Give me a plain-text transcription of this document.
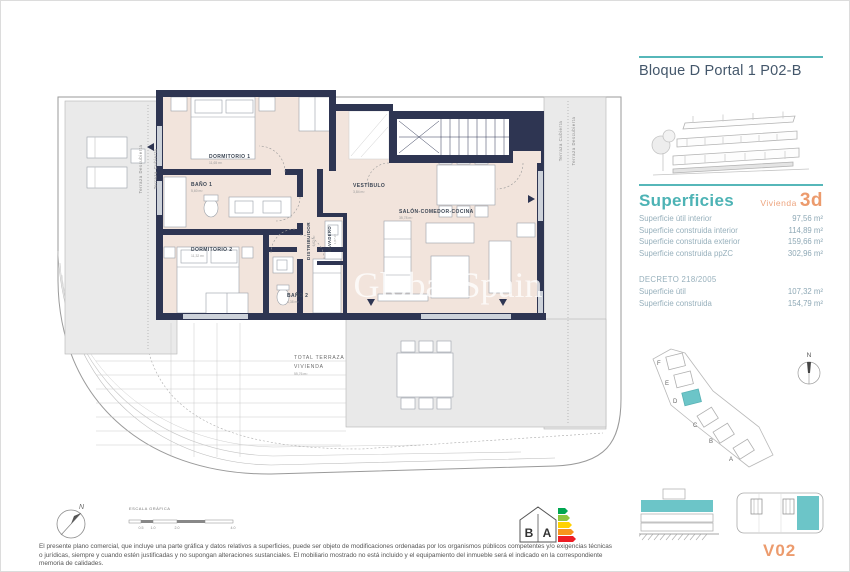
DORMITORIO 1
11,65 m²
BAÑO 1
5,60 m²
DORMITORIO 2
11,32 m²
BAÑO 2
4,38 m²
DISTRIBUIDOR 6,62 m²	LAVADERO 1,87 m²
VESTÍBULO
3,84 m²
SALÓN-COMEDOR-COCINA
35,78 m²
Terraza Descubierta Terraza Cubierta
Terraza Cubierta Terraza Descubierta
TOTAL TERRAZA
VIVIENDA
55,76 m²
Global Spain
N	ESCALA GRÁFICA
0.5 1.0	2.0	4.0	B A
Bloque D Portal 1 P02-B
Superficies	Vivienda 3d
Superficie útil interior	97,56 m²
Superficie construida interior	114,89 m²
Superficie construida exterior	159,66 m²
Superficie construida ppZC	302,96 m²
DECRETO 218/2005
Superficie útil	107,32 m²
Superficie construida	154,79 m²
F
E
D
C
B
A
N
V02
El presente plano comercial, que incluye una parte gráfica y datos relativos a superficies, puede ser objeto de modificaciones ordenadas por los organismos públicos competentes y/o exigencias técnicas o jurídicas, siempre y cuando estén justificadas y no supongan alteraciones sustanciales. El mobiliario mostrado no está incluido y el equipamiento del inmueble será el indicado en la correspondiente memoria de calidades.
